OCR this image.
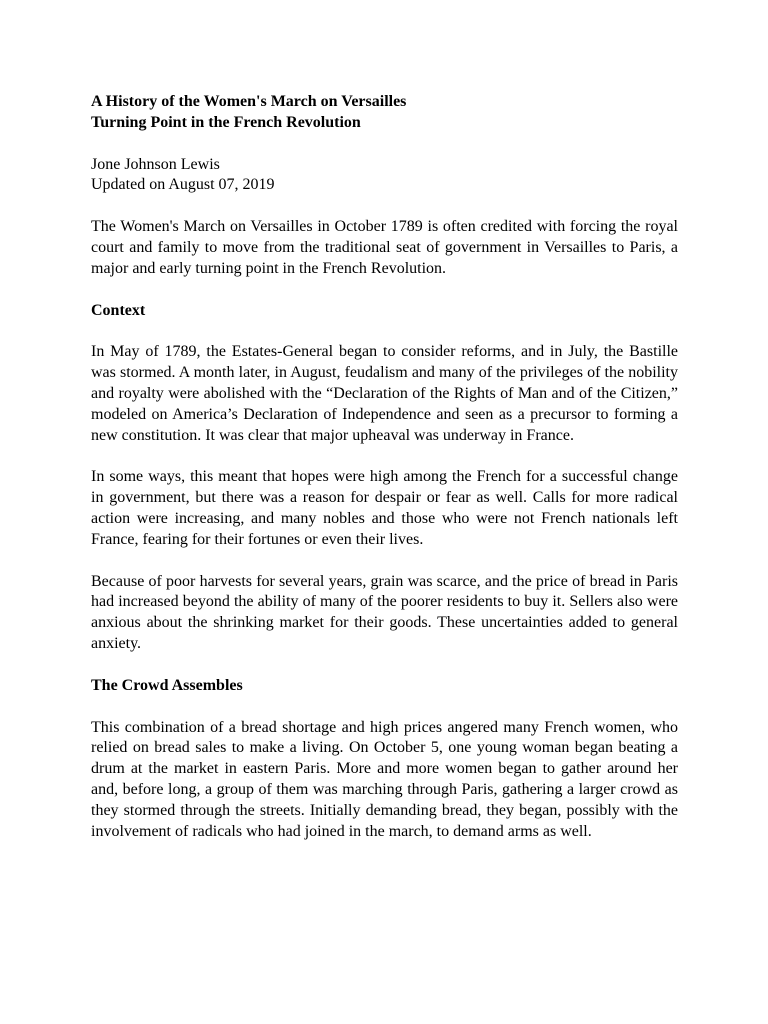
A History of the Women's March on Versailles
Turning Point in the French Revolution
Jone Johnson Lewis
Updated on August 07, 2019

The Women's March on Versailles in October 1789 is often credited with forcing the royal court and family to move from the traditional seat of government in Versailles to Paris, a major and early turning point in the French Revolution.

Context

In May of 1789, the Estates-General began to consider reforms, and in July, the Bastille was stormed. A month later, in August, feudalism and many of the privileges of the nobility and royalty were abolished with the “Declaration of the Rights of Man and of the Citizen,” modeled on America’s Declaration of Independence and seen as a precursor to forming a new constitution. It was clear that major upheaval was underway in France.

In some ways, this meant that hopes were high among the French for a successful change in government, but there was a reason for despair or fear as well. Calls for more radical action were increasing, and many nobles and those who were not French nationals left France, fearing for their fortunes or even their lives.

Because of poor harvests for several years, grain was scarce, and the price of bread in Paris had increased beyond the ability of many of the poorer residents to buy it. Sellers also were anxious about the shrinking market for their goods. These uncertainties added to general anxiety.

The Crowd Assembles

This combination of a bread shortage and high prices angered many French women, who relied on bread sales to make a living. On October 5, one young woman began beating a drum at the market in eastern Paris. More and more women began to gather around her and, before long, a group of them was marching through Paris, gathering a larger crowd as they stormed through the streets. Initially demanding bread, they began, possibly with the involvement of radicals who had joined in the march, to demand arms as well.
